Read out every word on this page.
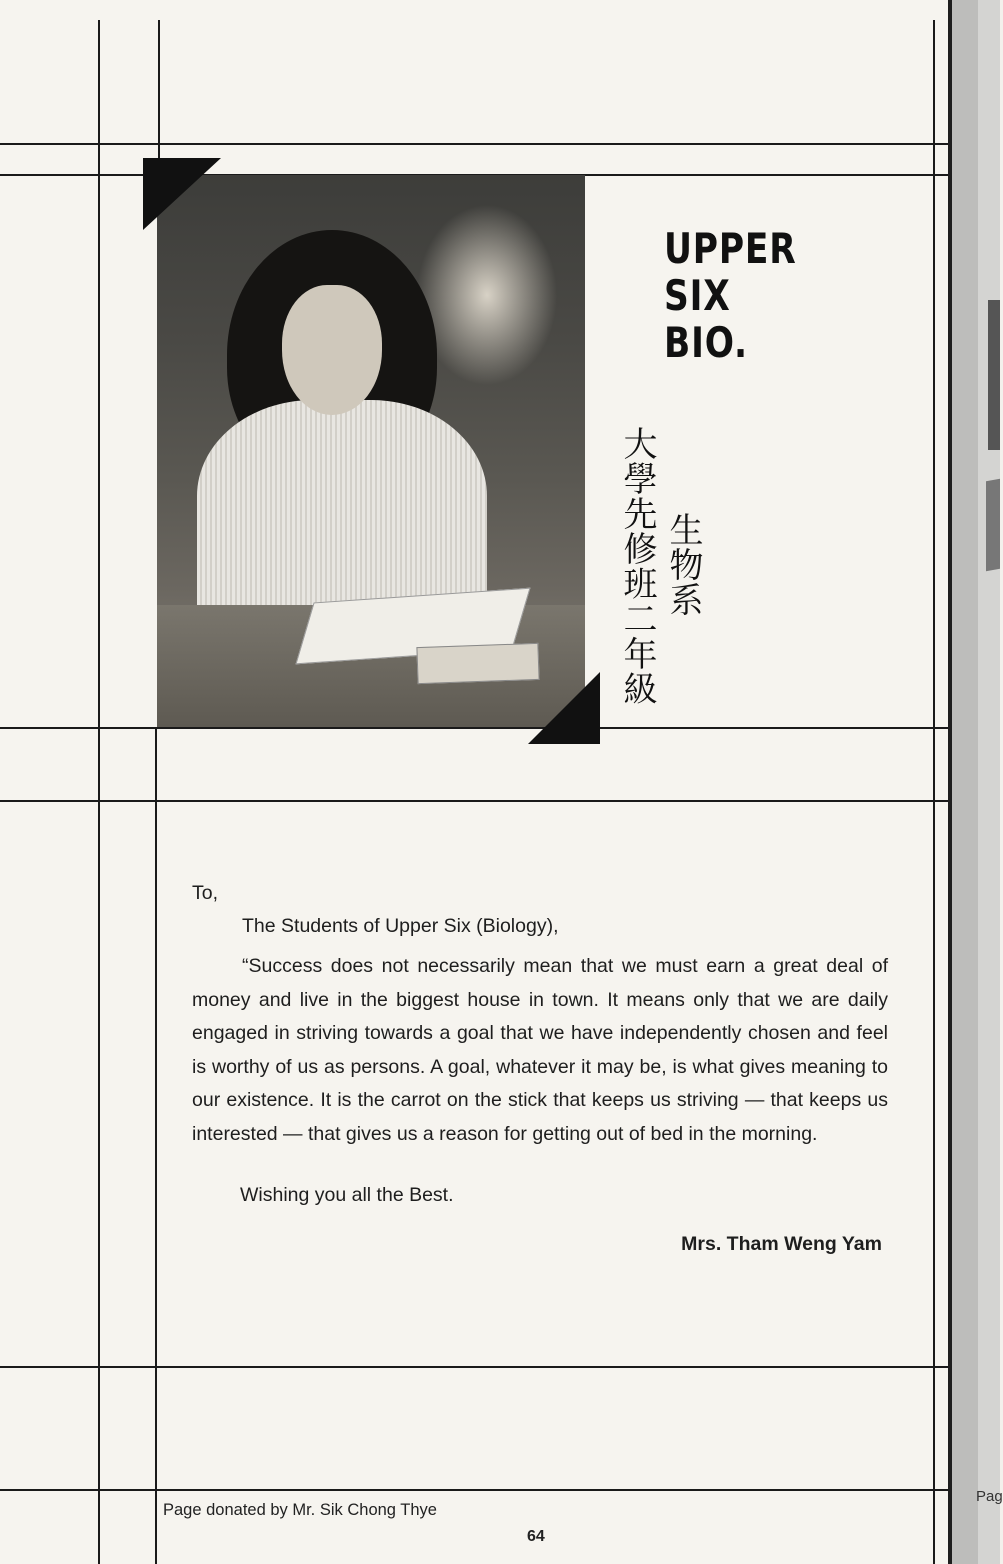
UPPER
SIX
BIO.
大學先修班二年級 生物系
To,
The Students of Upper Six (Biology),
“Success does not necessarily mean that we must earn a great deal of money and live in the biggest house in town. It means only that we are daily engaged in striving towards a goal that we have independently chosen and feel is worthy of us as persons. A goal, whatever it may be, is what gives meaning to our existence. It is the carrot on the stick that keeps us striving — that keeps us interested — that gives us a reason for getting out of bed in the morning.
Wishing you all the Best.
Mrs. Tham Weng Yam
Page donated by Mr. Sik Chong Thye
64
Pag
